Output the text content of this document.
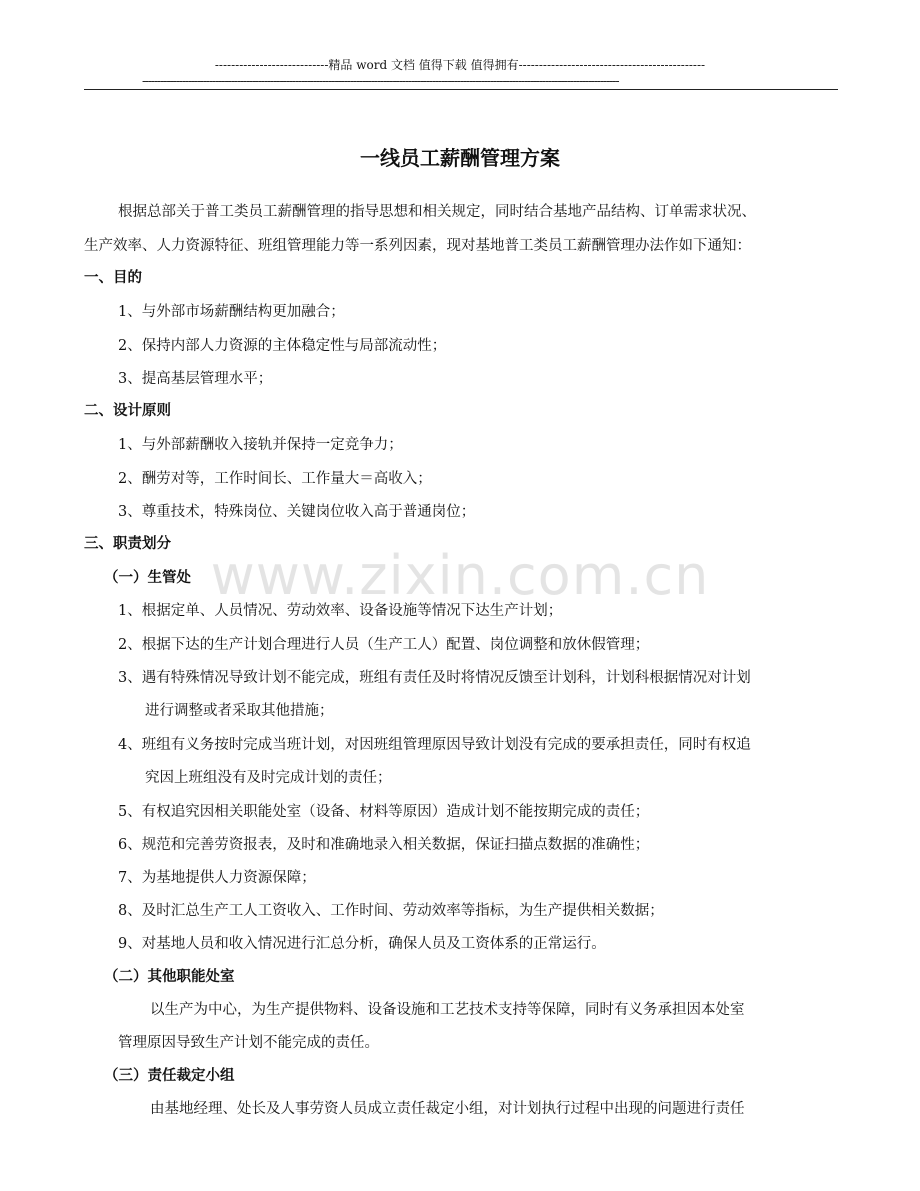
----------------------------精品 word 文档 值得下载 值得拥有----------------------------------------------
------------------------------------------------------------------------------------------------------------------------------------------------------------
一线员工薪酬管理方案
根据总部关于普工类员工薪酬管理的指导思想和相关规定，同时结合基地产品结构、订单需求状况、
生产效率、人力资源特征、班组管理能力等一系列因素，现对基地普工类员工薪酬管理办法作如下通知：
一、目的
1、与外部市场薪酬结构更加融合；
2、保持内部人力资源的主体稳定性与局部流动性；
3、提高基层管理水平；
二、设计原则
1、与外部薪酬收入接轨并保持一定竞争力；
2、酬劳对等，工作时间长、工作量大＝高收入；
3、尊重技术，特殊岗位、关键岗位收入高于普通岗位；
三、职责划分
（一）生管处
1、根据定单、人员情况、劳动效率、设备设施等情况下达生产计划；
2、根据下达的生产计划合理进行人员（生产工人）配置、岗位调整和放休假管理；
3、遇有特殊情况导致计划不能完成，班组有责任及时将情况反馈至计划科，计划科根据情况对计划
进行调整或者采取其他措施；
4、班组有义务按时完成当班计划，对因班组管理原因导致计划没有完成的要承担责任，同时有权追
究因上班组没有及时完成计划的责任；
5、有权追究因相关职能处室（设备、材料等原因）造成计划不能按期完成的责任；
6、规范和完善劳资报表，及时和准确地录入相关数据，保证扫描点数据的准确性；
7、为基地提供人力资源保障；
8、及时汇总生产工人工资收入、工作时间、劳动效率等指标，为生产提供相关数据；
9、对基地人员和收入情况进行汇总分析，确保人员及工资体系的正常运行。
（二）其他职能处室
以生产为中心，为生产提供物料、设备设施和工艺技术支持等保障，同时有义务承担因本处室
管理原因导致生产计划不能完成的责任。
（三）责任裁定小组
由基地经理、处长及人事劳资人员成立责任裁定小组，对计划执行过程中出现的问题进行责任
www.zixin.com.cn
